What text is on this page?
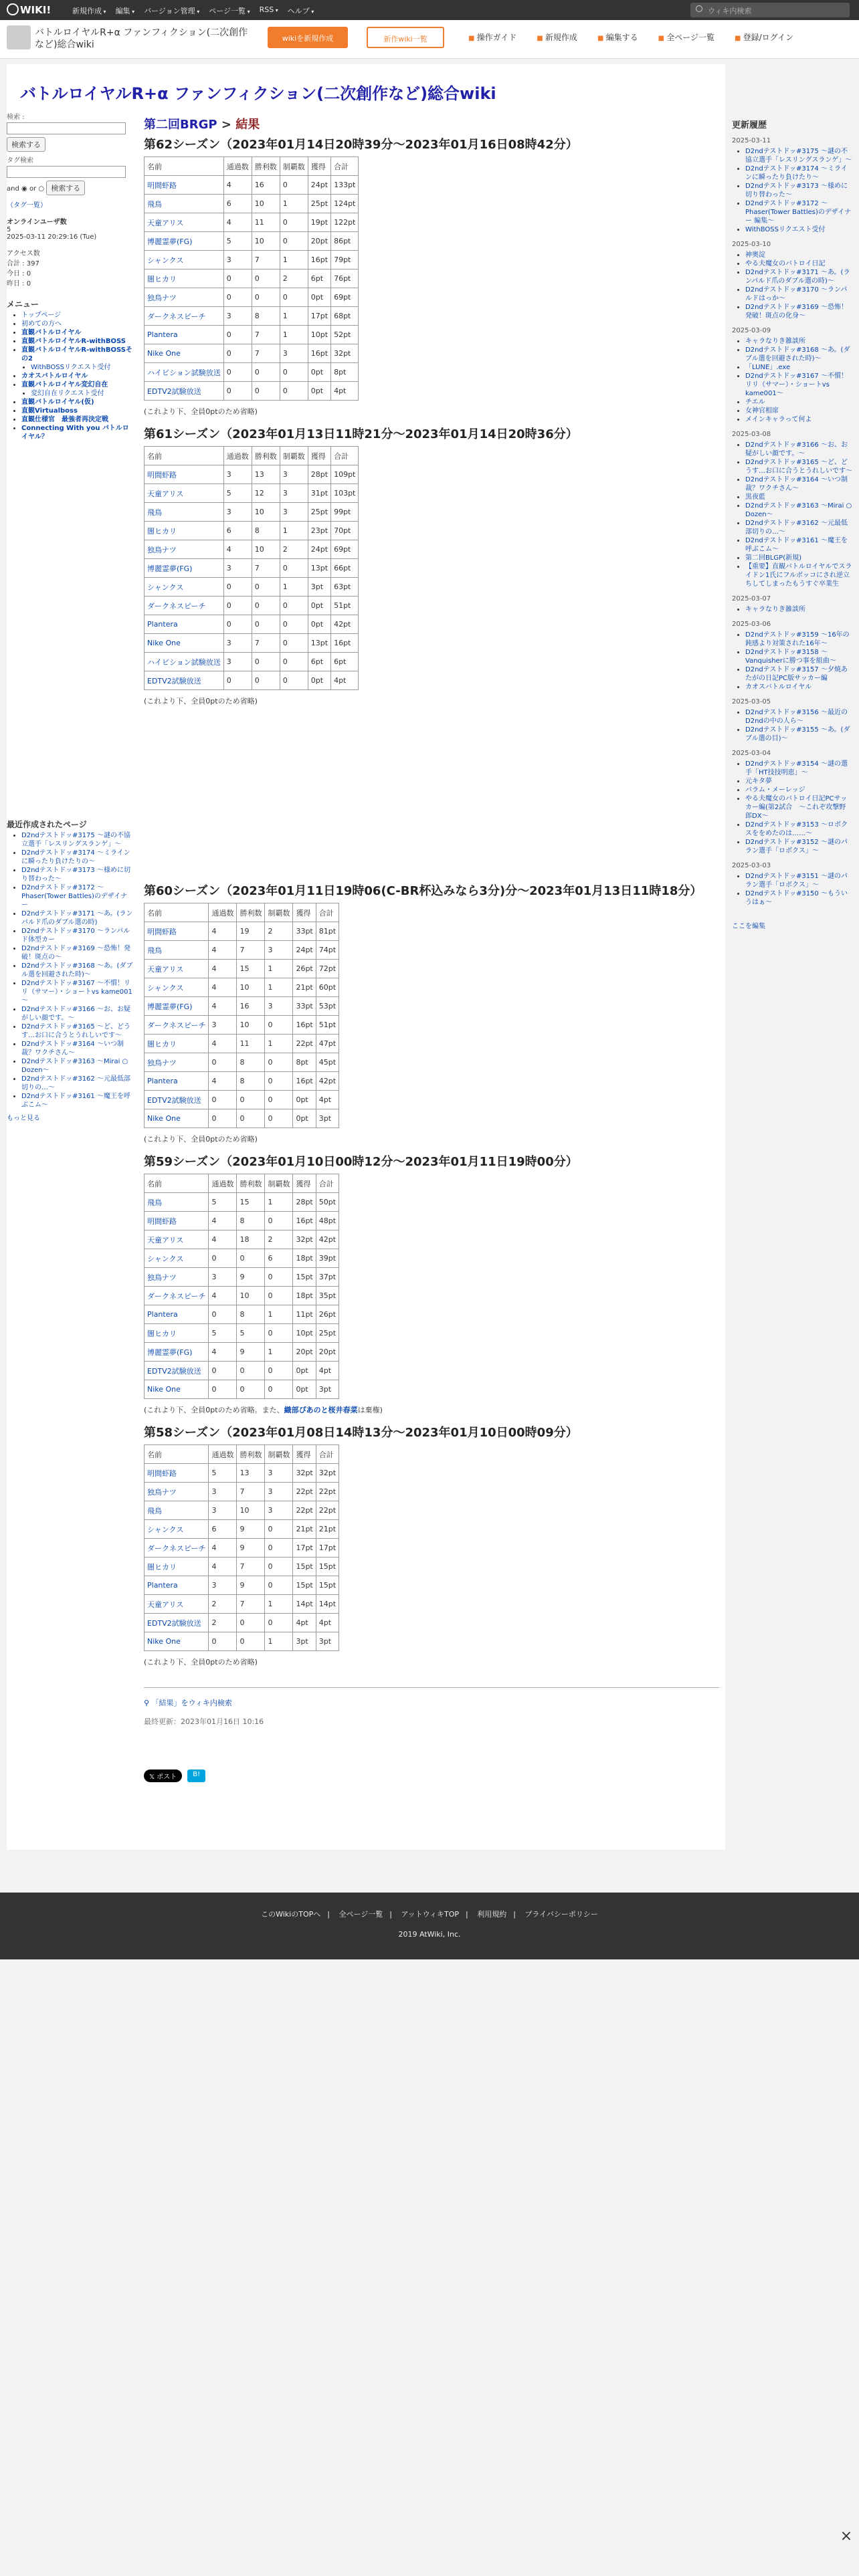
WIKI!	新規作成 ▾	編集 ▾	バージョン管理 ▾	ページ一覧 ▾	RSS ▾	ヘルプ ▾	ウィキ内検索
バトルロイヤルR+α ファンフィクション(二次創作など)総合wiki
wikiを新規作成	新作wiki一覧	■ 操作ガイド	■ 新規作成	■ 編集する	■ 全ページ一覧	■ 登録/ログイン
バトルロイヤルR+α ファンフィクション(二次創作など)総合wiki
検索 :
検索する
タグ検索
and ◉ or ○ 検索する
（タグ一覧）
オンラインユーザ数
5
2025-03-11 20:29:16 (Tue)
アクセス数
合計 : 397
今日 : 0
昨日 : 0
メニュー
• トップページ
• 初めての方へ
• 直観バトルロイヤル
• 直観バトルロイヤルR-withBOSS
• 直観バトルロイヤルR-withBOSSその2
• WithBOSSリクエスト受付
• カオスバトルロイヤル
• 直観バトルロイヤル変幻自在
• 変幻自在リクエスト受付
• 直観バトルロイヤル(仮)
• 直観Virtualboss
• 直観仕様官　最強者再決定戦
• Connecting With you バトルロイヤル？
最近作成されたページ
• D2ndテストドッ#3175 ～謎の不協立選手「レスリングスランゲ」～
• D2ndテストドッ#3174 ～ミラインに瞬ったり負けたりの～
• D2ndテストドッ#3173 ～様めに切り替わった～
• D2ndテストドッ#3172 ～Phaser(Tower Battles)のデザイナー
• D2ndテストドッ#3171 ～あ。(ランパルド爪のダブル選の時)
• D2ndテストドッ#3170 ～ランパルド体型カー
• D2ndテストドッ#3169 ～恐怖！発破！斑点の～
• D2ndテストドッ#3168 ～あ。(ダブル選を回避された時)～
• D2ndテストドッ#3167 ～不慣！リリ（サマー）・ショートvs kame001～
• D2ndテストドッ#3166 ～お、お疑がしい顔です。～
• D2ndテストドッ#3165 ～ど、どうす…お口に合うとうれしいです～
• D2ndテストドッ#3164 ～いつ制裁？ワクチさん～
• D2ndテストドッ#3163 ～Mirai ○ Dozen～
• D2ndテストドッ#3162 ～元最低部切りの…～
• D2ndテストドッ#3161 ～魔王を呼ぶこム～
もっと見る
第二回BRGP > 結果
第62シーズン（2023年01月14日20時39分～2023年01月16日08時42分）
名前	通過数	勝利数	制覇数	獲得	合計
明間虾路	4	16	0	24pt	133pt
飛鳥	6	10	1	25pt	124pt
天童アリス	4	11	0	19pt	122pt
博麗霊夢(FG)	5	10	0	20pt	86pt
シャンクス	3	7	1	16pt	79pt
闇ヒカリ	0	0	2	6pt	76pt
独鳥ナツ	0	0	0	0pt	69pt
ダークネスピーチ	3	8	1	17pt	68pt
Plantera	0	7	1	10pt	52pt
Nike One	0	7	3	16pt	32pt
ハイビション試験放送	0	0	0	0pt	8pt
EDTV2試験放送	0	0	0	0pt	4pt
(これより下、全員0ptのため省略)
第61シーズン（2023年01月13日11時21分～2023年01月14日20時36分）
名前	通過数	勝利数	制覇数	獲得	合計
明間虾路	3	13	3	28pt	109pt
天童アリス	5	12	3	31pt	103pt
飛鳥	3	10	3	25pt	99pt
闇ヒカリ	6	8	1	23pt	70pt
独鳥ナツ	4	10	2	24pt	69pt
博麗霊夢(FG)	3	7	0	13pt	66pt
シャンクス	0	0	1	3pt	63pt
ダークネスピーチ	0	0	0	0pt	51pt
Plantera	0	0	0	0pt	42pt
Nike One	3	7	0	13pt	16pt
ハイビション試験放送	3	0	0	6pt	6pt
EDTV2試験放送	0	0	0	0pt	4pt
(これより下、全員0ptのため省略)
第60シーズン（2023年01月11日19時06(C-BR杯込みなら3分)分～2023年01月13日11時18分）
名前	通過数	勝利数	制覇数	獲得	合計
明間虾路	4	19	2	33pt	81pt
飛鳥	4	7	3	24pt	74pt
天童アリス	4	15	1	26pt	72pt
シャンクス	4	10	1	21pt	60pt
博麗霊夢(FG)	4	16	3	33pt	53pt
ダークネスピーチ	3	10	0	16pt	51pt
闇ヒカリ	4	11	1	22pt	47pt
独鳥ナツ	0	8	0	8pt	45pt
Plantera	4	8	0	16pt	42pt
EDTV2試験放送	0	0	0	0pt	4pt
Nike One	0	0	0	0pt	3pt
(これより下、全員0ptのため省略)
第59シーズン（2023年01月10日00時12分～2023年01月11日19時00分）
名前	通過数	勝利数	制覇数	獲得	合計
飛鳥	5	15	1	28pt	50pt
明間虾路	4	8	0	16pt	48pt
天童アリス	4	18	2	32pt	42pt
シャンクス	0	0	6	18pt	39pt
独鳥ナツ	3	9	0	15pt	37pt
ダークネスピーチ	4	10	0	18pt	35pt
Plantera	0	8	1	11pt	26pt
闇ヒカリ	5	5	0	10pt	25pt
博麗霊夢(FG)	4	9	1	20pt	20pt
EDTV2試験放送	0	0	0	0pt	4pt
Nike One	0	0	0	0pt	3pt
(これより下、全員0ptのため省略。また、織部ぴあのと桜井春菜は棄権)
第58シーズン（2023年01月08日14時13分～2023年01月10日00時09分）
名前	通過数	勝利数	制覇数	獲得	合計
明間虾路	5	13	3	32pt	32pt
独鳥ナツ	3	7	3	22pt	22pt
飛鳥	3	10	3	22pt	22pt
シャンクス	6	9	0	21pt	21pt
ダークネスピーチ	4	9	0	17pt	17pt
闇ヒカリ	4	7	0	15pt	15pt
Plantera	3	9	0	15pt	15pt
天童アリス	2	7	1	14pt	14pt
EDTV2試験放送	2	0	0	4pt	4pt
Nike One	0	0	1	3pt	3pt
(これより下、全員0ptのため省略)
⚲ 「結果」をウィキ内検索
最終更新：2023年01月16日 10:16
𝕏 ポスト	B!
更新履歴
2025-03-11
• D2ndテストドッ#3175 ～謎の不協立選手「レスリングスランゲ」～
• D2ndテストドッ#3174 ～ミラインに瞬ったり負けたり～
• D2ndテストドッ#3173 ～様めに切り替わった～
• D2ndテストドッ#3172 ～Phaser(Tower Battles)のデザイナー 編集～
• WithBOSSリクエスト受付
2025-03-10
• 神奥淀
• やる夫魔女のバトロイ日記
• D2ndテストドッ#3171 ～あ。(ランパルド爪のダブル選の時)～
• D2ndテストドッ#3170 ～ランパルドはっか～
• D2ndテストドッ#3169 ～恐怖！発破！斑点の化身～
2025-03-09
• キャラなりき雑談所
• D2ndテストドッ#3168 ～あ。(ダブル選を回避された時)～
• 「LUNE」.exe
• D2ndテストドッ#3167 ～不慣！リリ（サマー）・ショートvs kame001～
• チエル
• 女神官相席
• メインキャラって何よ
2025-03-08
• D2ndテストドッ#3166 ～お、お疑がしい顔です。～
• D2ndテストドッ#3165 ～ど、どうす…お口に合うとうれしいです～
• D2ndテストドッ#3164 ～いつ制裁？ワクチさん～
• 黒夜藍
• D2ndテストドッ#3163 ～Mirai ○ Dozen～
• D2ndテストドッ#3162 ～元最低部切りの…～
• D2ndテストドッ#3161 ～魔王を呼ぶこム～
• 第二回BLGP(新規)
• 【重要】直観バトルロイヤルでスライドン1氏にフルボッコにされ逆立ちしてしまったもうすぐ卒業生
2025-03-07
• キャラなりき雑談所
2025-03-06
• D2ndテストドッ#3159 ～16年の鈍感より対策された16年～
• D2ndテストドッ#3158 ～Vanquisherに勝つ事を組曲～
• D2ndテストドッ#3157 ～夕焼あたがの日記PC版サッカー編
• カオスバトルロイヤル
2025-03-05
• D2ndテストドッ#3156 ～最近のD2ndの中の人ら～
• D2ndテストドッ#3155 ～あ。(ダブル選の目)～
2025-03-04
• D2ndテストドッ#3154 ～謎の選手「HT技技明恵」～
• 元キタ夢
• バラム・メーレッジ
• やる夫魔女のバトロイ日記PCサッカー編(第2試合　～これぞ攻撃野郎DX～
• D2ndテストドッ#3153 ～ロボクスををめたのは……～
• D2ndテストドッ#3152 ～謎のパラン選手「ロボクス」～
2025-03-03
• D2ndテストドッ#3151 ～謎のパラン選手「ロボクス」～
• D2ndテストドッ#3150 ～もういうはぁ～
ここを編集
このWikiのTOPへ | 全ページ一覧 | アットウィキTOP | 利用規約 | プライバシーポリシー
2019 AtWiki, Inc.
×
